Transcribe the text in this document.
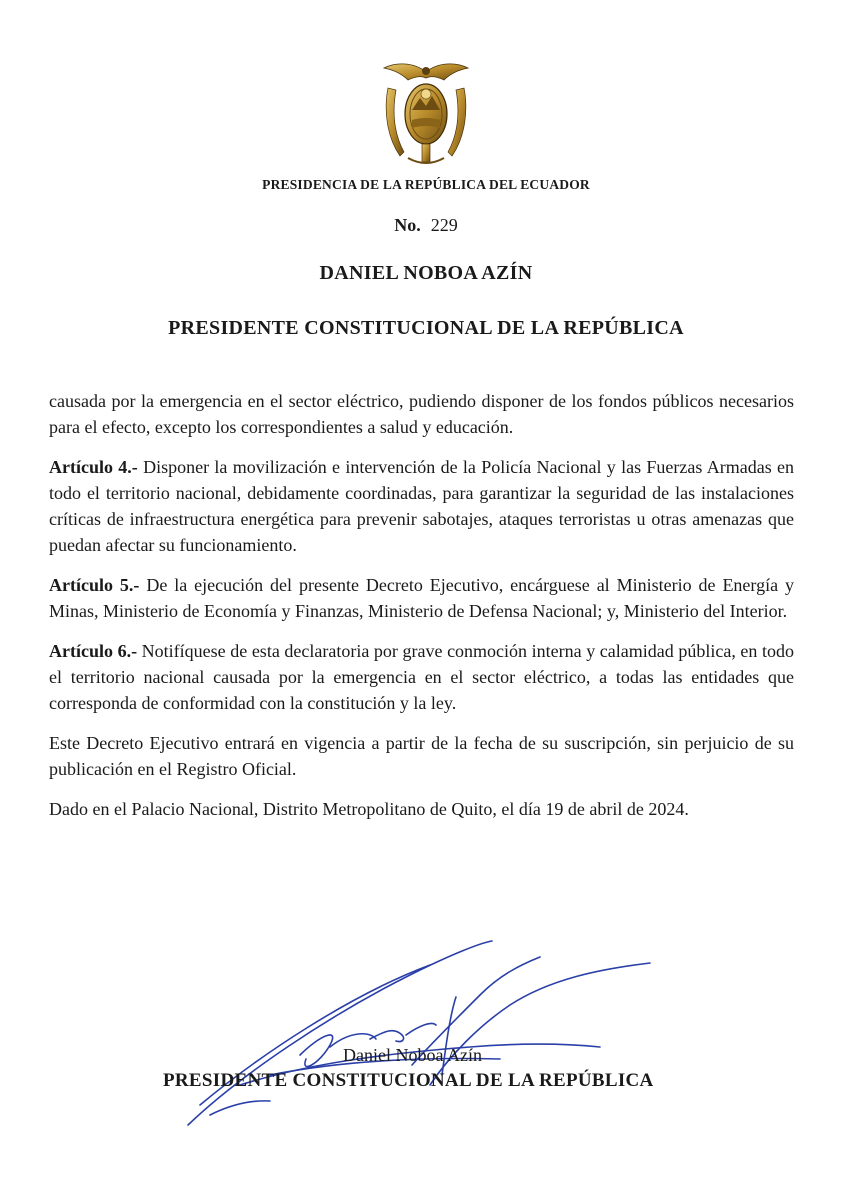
PRESIDENCIA DE LA REPÚBLICA DEL ECUADOR
No. 229
DANIEL NOBOA AZÍN
PRESIDENTE CONSTITUCIONAL DE LA REPÚBLICA

causada por la emergencia en el sector eléctrico, pudiendo disponer de los fondos públicos necesarios para el efecto, excepto los correspondientes a salud y educación.

Artículo 4.- Disponer la movilización e intervención de la Policía Nacional y las Fuerzas Armadas en todo el territorio nacional, debidamente coordinadas, para garantizar la seguridad de las instalaciones críticas de infraestructura energética para prevenir sabotajes, ataques terroristas u otras amenazas que puedan afectar su funcionamiento.

Artículo 5.- De la ejecución del presente Decreto Ejecutivo, encárguese al Ministerio de Energía y Minas, Ministerio de Economía y Finanzas, Ministerio de Defensa Nacional; y, Ministerio del Interior.

Artículo 6.- Notifíquese de esta declaratoria por grave conmoción interna y calamidad pública, en todo el territorio nacional causada por la emergencia en el sector eléctrico, a todas las entidades que corresponda de conformidad con la constitución y la ley.

Este Decreto Ejecutivo entrará en vigencia a partir de la fecha de su suscripción, sin perjuicio de su publicación en el Registro Oficial.

Dado en el Palacio Nacional, Distrito Metropolitano de Quito, el día 19 de abril de 2024.

Daniel Noboa Azín
PRESIDENTE CONSTITUCIONAL DE LA REPÚBLICA
